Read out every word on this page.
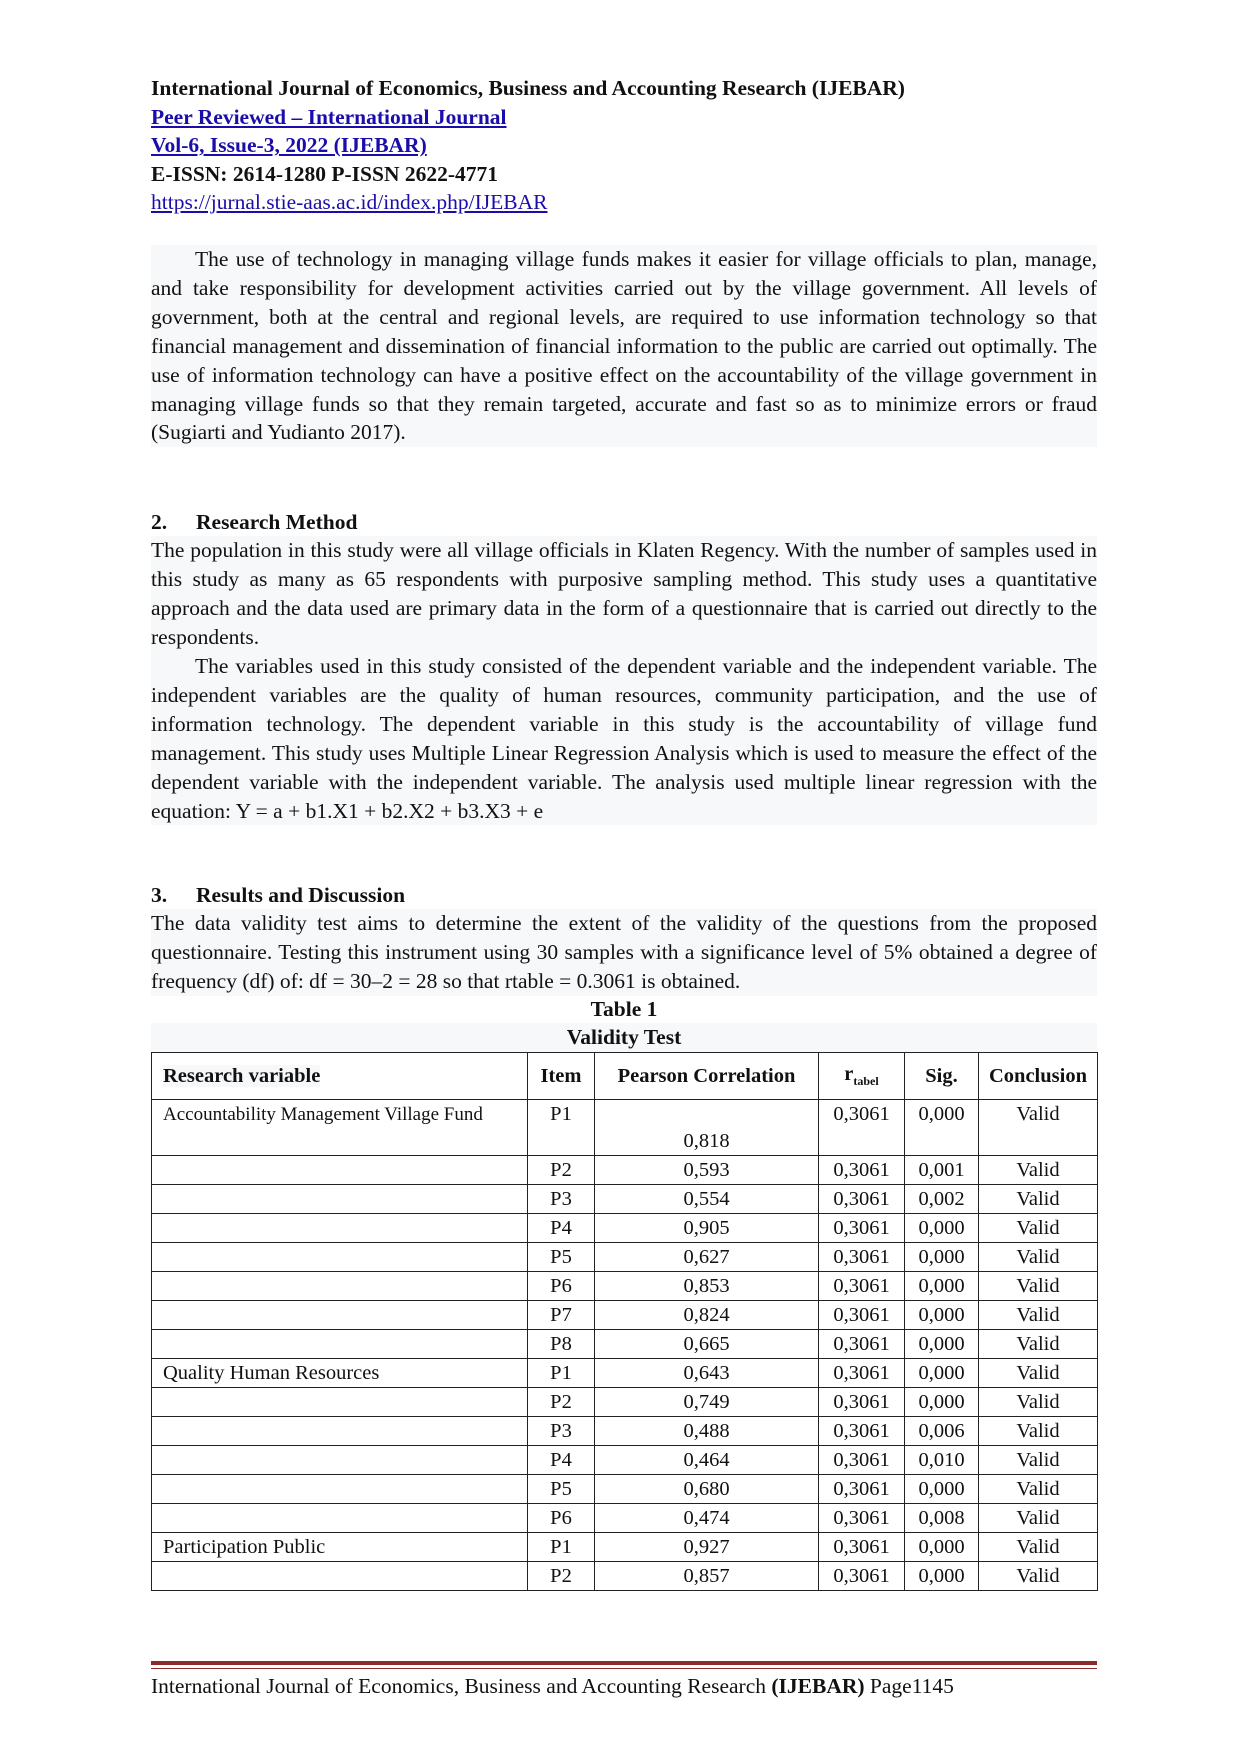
International Journal of Economics, Business and Accounting Research (IJEBAR)
Peer Reviewed – International Journal
Vol-6, Issue-3, 2022 (IJEBAR)
E-ISSN: 2614-1280 P-ISSN 2622-4771
https://jurnal.stie-aas.ac.id/index.php/IJEBAR
The use of technology in managing village funds makes it easier for village officials to plan, manage, and take responsibility for development activities carried out by the village government. All levels of government, both at the central and regional levels, are required to use information technology so that financial management and dissemination of financial information to the public are carried out optimally. The use of information technology can have a positive effect on the accountability of the village government in managing village funds so that they remain targeted, accurate and fast so as to minimize errors or fraud (Sugiarti and Yudianto 2017).
2. Research Method
The population in this study were all village officials in Klaten Regency. With the number of samples used in this study as many as 65 respondents with purposive sampling method. This study uses a quantitative approach and the data used are primary data in the form of a questionnaire that is carried out directly to the respondents.
The variables used in this study consisted of the dependent variable and the independent variable. The independent variables are the quality of human resources, community participation, and the use of information technology. The dependent variable in this study is the accountability of village fund management. This study uses Multiple Linear Regression Analysis which is used to measure the effect of the dependent variable with the independent variable. The analysis used multiple linear regression with the equation: Y = a + b1.X1 + b2.X2 + b3.X3 + e
3. Results and Discussion
The data validity test aims to determine the extent of the validity of the questions from the proposed questionnaire. Testing this instrument using 30 samples with a significance level of 5% obtained a degree of frequency (df) of: df = 30–2 = 28 so that rtable = 0.3061 is obtained.
Table 1
Validity Test
Research variable	Item	Pearson Correlation	$r_{tabel}$	Sig.	Conclusion
Accountability Management Village Fund	P1	0,818	0,3061	0,000	Valid
	P2	0,593	0,3061	0,001	Valid
	P3	0,554	0,3061	0,002	Valid
	P4	0,905	0,3061	0,000	Valid
	P5	0,627	0,3061	0,000	Valid
	P6	0,853	0,3061	0,000	Valid
	P7	0,824	0,3061	0,000	Valid
	P8	0,665	0,3061	0,000	Valid
Quality Human Resources	P1	0,643	0,3061	0,000	Valid
	P2	0,749	0,3061	0,000	Valid
	P3	0,488	0,3061	0,006	Valid
	P4	0,464	0,3061	0,010	Valid
	P5	0,680	0,3061	0,000	Valid
	P6	0,474	0,3061	0,008	Valid
Participation Public	P1	0,927	0,3061	0,000	Valid
	P2	0,857	0,3061	0,000	Valid
International Journal of Economics, Business and Accounting Research (IJEBAR) Page1145
